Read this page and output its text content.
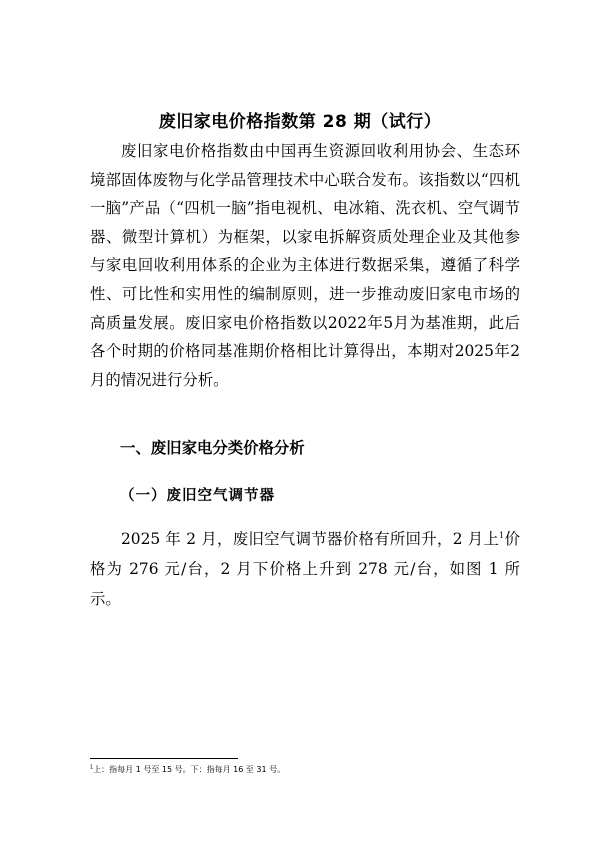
废旧家电价格指数第 28 期（试行）

废旧家电价格指数由中国再生资源回收利用协会、生态环境部固体废物与化学品管理技术中心联合发布。该指数以“四机一脑”产品（“四机一脑”指电视机、电冰箱、洗衣机、空气调节器、微型计算机）为框架，以家电拆解资质处理企业及其他参与家电回收利用体系的企业为主体进行数据采集，遵循了科学性、可比性和实用性的编制原则，进一步推动废旧家电市场的高质量发展。废旧家电价格指数以2022年5月为基准期，此后各个时期的价格同基准期价格相比计算得出，本期对2025年2月的情况进行分析。

一、废旧家电分类价格分析
（一）废旧空气调节器

2025 年 2 月，废旧空气调节器价格有所回升，2 月上$^1$价格为 276 元/台，2 月下价格上升到 278 元/台，如图 1 所示。

$^1$上：指每月 1 号至 15 号。下：指每月 16 至 31 号。
